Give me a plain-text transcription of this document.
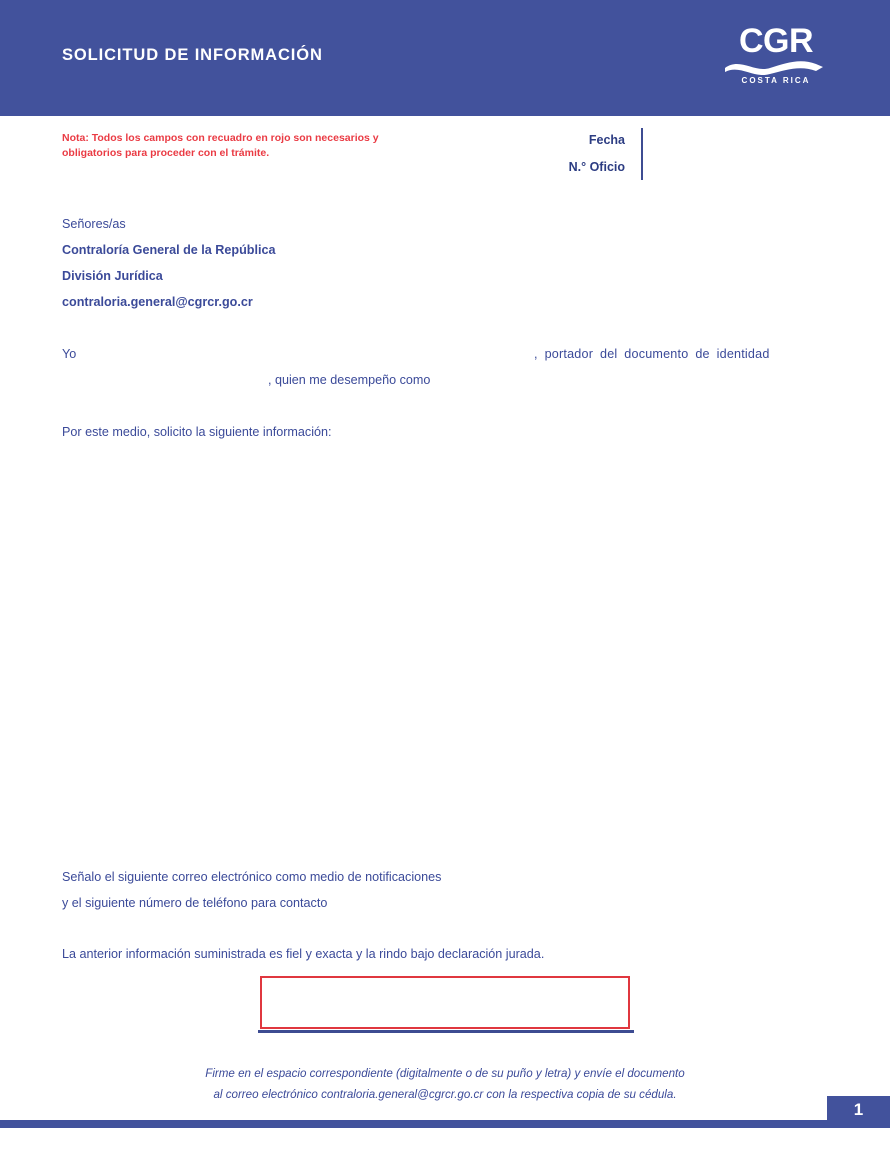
SOLICITUD DE INFORMACIÓN	CGR
COSTA RICA
Nota: Todos los campos con recuadro en rojo son necesarios y
obligatorios para proceder con el trámite.
Fecha
N.° Oficio
Señores/as
Contraloría General de la República
División Jurídica
contraloria.general@cgrcr.go.cr
Yo	, portador del documento de identidad
, quien me desempeño como
Por este medio, solicito la siguiente información:
Señalo el siguiente correo electrónico como medio de notificaciones
y el siguiente número de teléfono para contacto
La anterior información suministrada es fiel y exacta y la rindo bajo declaración jurada.
Firme en el espacio correspondiente (digitalmente o de su puño y letra) y envíe el documento
al correo electrónico contraloria.general@cgrcr.go.cr con la respectiva copia de su cédula.
1
